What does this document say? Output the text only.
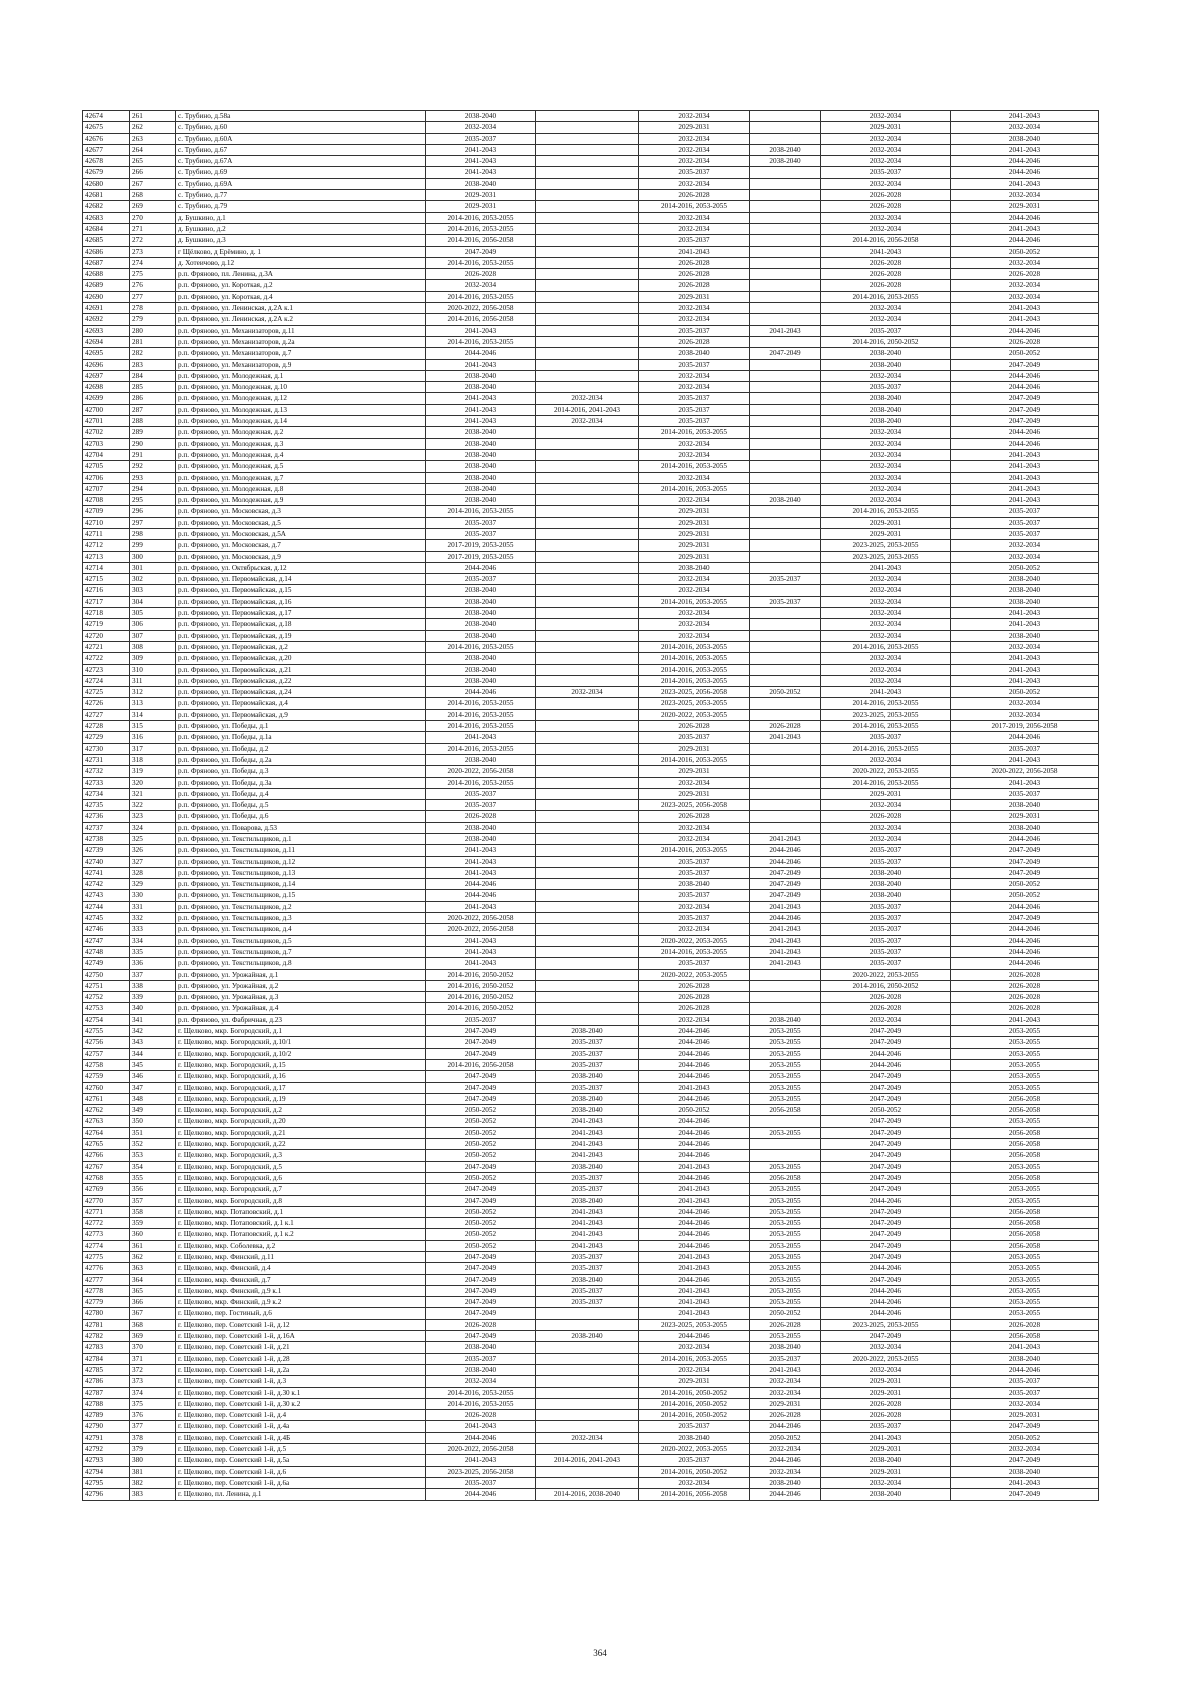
42674	261	с. Трубино, д.58а	2038-2040		2032-2034		2032-2034	2041-2043
42675	262	с. Трубино, д.60	2032-2034		2029-2031		2029-2031	2032-2034
42676	263	с. Трубино, д.60А	2035-2037		2032-2034		2032-2034	2038-2040
42677	264	с. Трубино, д.67	2041-2043		2032-2034	2038-2040	2032-2034	2041-2043
42678	265	с. Трубино, д.67А	2041-2043		2032-2034	2038-2040	2032-2034	2044-2046
42679	266	с. Трубино, д.69	2041-2043		2035-2037		2035-2037	2044-2046
42680	267	с. Трубино, д.69А	2038-2040		2032-2034		2032-2034	2041-2043
42681	268	с. Трубино, д.77	2029-2031		2026-2028		2026-2028	2032-2034
42682	269	с. Трубино, д.79	2029-2031		2014-2016, 2053-2055		2026-2028	2029-2031
42683	270	д. Бушкино, д.1	2014-2016, 2053-2055		2032-2034		2032-2034	2044-2046
42684	271	д. Бушкино, д.2	2014-2016, 2053-2055		2032-2034		2032-2034	2041-2043
42685	272	д. Бушкино, д.3	2014-2016, 2056-2058		2035-2037		2014-2016, 2056-2058	2044-2046
42686	273	г Щёлково, д Ерёмино, д. 1	2047-2049		2041-2043		2041-2043	2050-2052
42687	274	д. Хотеичово, д.12	2014-2016, 2053-2055		2026-2028		2026-2028	2032-2034
42688	275	р.п. Фряново, пл. Ленина, д.3А	2026-2028		2026-2028		2026-2028	2026-2028
42689	276	р.п. Фряново, ул. Короткая, д.2	2032-2034		2026-2028		2026-2028	2032-2034
42690	277	р.п. Фряново, ул. Короткая, д.4	2014-2016, 2053-2055		2029-2031		2014-2016, 2053-2055	2032-2034
42691	278	р.п. Фряново, ул. Ленинская, д.2А к.1	2020-2022, 2056-2058		2032-2034		2032-2034	2041-2043
42692	279	р.п. Фряново, ул. Ленинская, д.2А к.2	2014-2016, 2056-2058		2032-2034		2032-2034	2041-2043
42693	280	р.п. Фряново, ул. Механизаторов, д.11	2041-2043		2035-2037	2041-2043	2035-2037	2044-2046
42694	281	р.п. Фряново, ул. Механизаторов, д.2а	2014-2016, 2053-2055		2026-2028		2014-2016, 2050-2052	2026-2028
42695	282	р.п. Фряново, ул. Механизаторов, д.7	2044-2046		2038-2040	2047-2049	2038-2040	2050-2052
42696	283	р.п. Фряново, ул. Механизаторов, д.9	2041-2043		2035-2037		2038-2040	2047-2049
42697	284	р.п. Фряново, ул. Молодежная, д.1	2038-2040		2032-2034		2032-2034	2044-2046
42698	285	р.п. Фряново, ул. Молодежная, д.10	2038-2040		2032-2034		2035-2037	2044-2046
42699	286	р.п. Фряново, ул. Молодежная, д.12	2041-2043	2032-2034	2035-2037		2038-2040	2047-2049
42700	287	р.п. Фряново, ул. Молодежная, д.13	2041-2043	2014-2016, 2041-2043	2035-2037		2038-2040	2047-2049
42701	288	р.п. Фряново, ул. Молодежная, д.14	2041-2043	2032-2034	2035-2037		2038-2040	2047-2049
42702	289	р.п. Фряново, ул. Молодежная, д.2	2038-2040		2014-2016, 2053-2055		2032-2034	2044-2046
42703	290	р.п. Фряново, ул. Молодежная, д.3	2038-2040		2032-2034		2032-2034	2044-2046
42704	291	р.п. Фряново, ул. Молодежная, д.4	2038-2040		2032-2034		2032-2034	2041-2043
42705	292	р.п. Фряново, ул. Молодежная, д.5	2038-2040		2014-2016, 2053-2055		2032-2034	2041-2043
42706	293	р.п. Фряново, ул. Молодежная, д.7	2038-2040		2032-2034		2032-2034	2041-2043
42707	294	р.п. Фряново, ул. Молодежная, д.8	2038-2040		2014-2016, 2053-2055		2032-2034	2041-2043
42708	295	р.п. Фряново, ул. Молодежная, д.9	2038-2040		2032-2034	2038-2040	2032-2034	2041-2043
42709	296	р.п. Фряново, ул. Московская, д.3	2014-2016, 2053-2055		2029-2031		2014-2016, 2053-2055	2035-2037
42710	297	р.п. Фряново, ул. Московская, д.5	2035-2037		2029-2031		2029-2031	2035-2037
42711	298	р.п. Фряново, ул. Московская, д.5А	2035-2037		2029-2031		2029-2031	2035-2037
42712	299	р.п. Фряново, ул. Московская, д.7	2017-2019, 2053-2055		2029-2031		2023-2025, 2053-2055	2032-2034
42713	300	р.п. Фряново, ул. Московская, д.9	2017-2019, 2053-2055		2029-2031		2023-2025, 2053-2055	2032-2034
42714	301	р.п. Фряново, ул. Октябрьская, д.12	2044-2046		2038-2040		2041-2043	2050-2052
42715	302	р.п. Фряново, ул. Первомайская, д.14	2035-2037		2032-2034	2035-2037	2032-2034	2038-2040
42716	303	р.п. Фряново, ул. Первомайская, д.15	2038-2040		2032-2034		2032-2034	2038-2040
42717	304	р.п. Фряново, ул. Первомайская, д.16	2038-2040		2014-2016, 2053-2055	2035-2037	2032-2034	2038-2040
42718	305	р.п. Фряново, ул. Первомайская, д.17	2038-2040		2032-2034		2032-2034	2041-2043
42719	306	р.п. Фряново, ул. Первомайская, д.18	2038-2040		2032-2034		2032-2034	2041-2043
42720	307	р.п. Фряново, ул. Первомайская, д.19	2038-2040		2032-2034		2032-2034	2038-2040
42721	308	р.п. Фряново, ул. Первомайская, д.2	2014-2016, 2053-2055		2014-2016, 2053-2055		2014-2016, 2053-2055	2032-2034
42722	309	р.п. Фряново, ул. Первомайская, д.20	2038-2040		2014-2016, 2053-2055		2032-2034	2041-2043
42723	310	р.п. Фряново, ул. Первомайская, д.21	2038-2040		2014-2016, 2053-2055		2032-2034	2041-2043
42724	311	р.п. Фряново, ул. Первомайская, д.22	2038-2040		2014-2016, 2053-2055		2032-2034	2041-2043
42725	312	р.п. Фряново, ул. Первомайская, д.24	2044-2046	2032-2034	2023-2025, 2056-2058	2050-2052	2041-2043	2050-2052
42726	313	р.п. Фряново, ул. Первомайская, д.4	2014-2016, 2053-2055		2023-2025, 2053-2055		2014-2016, 2053-2055	2032-2034
42727	314	р.п. Фряново, ул. Первомайская, д.9	2014-2016, 2053-2055		2020-2022, 2053-2055		2023-2025, 2053-2055	2032-2034
42728	315	р.п. Фряново, ул. Победы, д.1	2014-2016, 2053-2055		2026-2028	2026-2028	2014-2016, 2053-2055	2017-2019, 2056-2058
42729	316	р.п. Фряново, ул. Победы, д.1а	2041-2043		2035-2037	2041-2043	2035-2037	2044-2046
42730	317	р.п. Фряново, ул. Победы, д.2	2014-2016, 2053-2055		2029-2031		2014-2016, 2053-2055	2035-2037
42731	318	р.п. Фряново, ул. Победы, д.2а	2038-2040		2014-2016, 2053-2055		2032-2034	2041-2043
42732	319	р.п. Фряново, ул. Победы, д.3	2020-2022, 2056-2058		2029-2031		2020-2022, 2053-2055	2020-2022, 2056-2058
42733	320	р.п. Фряново, ул. Победы, д.3а	2014-2016, 2053-2055		2032-2034		2014-2016, 2053-2055	2041-2043
42734	321	р.п. Фряново, ул. Победы, д.4	2035-2037		2029-2031		2029-2031	2035-2037
42735	322	р.п. Фряново, ул. Победы, д.5	2035-2037		2023-2025, 2056-2058		2032-2034	2038-2040
42736	323	р.п. Фряново, ул. Победы, д.6	2026-2028		2026-2028		2026-2028	2029-2031
42737	324	р.п. Фряново, ул. Поварова, д.53	2038-2040		2032-2034		2032-2034	2038-2040
42738	325	р.п. Фряново, ул. Текстильщиков, д.1	2038-2040		2032-2034	2041-2043	2032-2034	2044-2046
42739	326	р.п. Фряново, ул. Текстильщиков, д.11	2041-2043		2014-2016, 2053-2055	2044-2046	2035-2037	2047-2049
42740	327	р.п. Фряново, ул. Текстильщиков, д.12	2041-2043		2035-2037	2044-2046	2035-2037	2047-2049
42741	328	р.п. Фряново, ул. Текстильщиков, д.13	2041-2043		2035-2037	2047-2049	2038-2040	2047-2049
42742	329	р.п. Фряново, ул. Текстильщиков, д.14	2044-2046		2038-2040	2047-2049	2038-2040	2050-2052
42743	330	р.п. Фряново, ул. Текстильщиков, д.15	2044-2046		2035-2037	2047-2049	2038-2040	2050-2052
42744	331	р.п. Фряново, ул. Текстильщиков, д.2	2041-2043		2032-2034	2041-2043	2035-2037	2044-2046
42745	332	р.п. Фряново, ул. Текстильщиков, д.3	2020-2022, 2056-2058		2035-2037	2044-2046	2035-2037	2047-2049
42746	333	р.п. Фряново, ул. Текстильщиков, д.4	2020-2022, 2056-2058		2032-2034	2041-2043	2035-2037	2044-2046
42747	334	р.п. Фряново, ул. Текстильщиков, д.5	2041-2043		2020-2022, 2053-2055	2041-2043	2035-2037	2044-2046
42748	335	р.п. Фряново, ул. Текстильщиков, д.7	2041-2043		2014-2016, 2053-2055	2041-2043	2035-2037	2044-2046
42749	336	р.п. Фряново, ул. Текстильщиков, д.8	2041-2043		2035-2037	2041-2043	2035-2037	2044-2046
42750	337	р.п. Фряново, ул. Урожайная, д.1	2014-2016, 2050-2052		2020-2022, 2053-2055		2020-2022, 2053-2055	2026-2028
42751	338	р.п. Фряново, ул. Урожайная, д.2	2014-2016, 2050-2052		2026-2028		2014-2016, 2050-2052	2026-2028
42752	339	р.п. Фряново, ул. Урожайная, д.3	2014-2016, 2050-2052		2026-2028		2026-2028	2026-2028
42753	340	р.п. Фряново, ул. Урожайная, д.4	2014-2016, 2050-2052		2026-2028		2026-2028	2026-2028
42754	341	р.п. Фряново, ул. Фабричная, д.23	2035-2037		2032-2034	2038-2040	2032-2034	2041-2043
42755	342	г. Щелково, мкр. Богородский, д.1	2047-2049	2038-2040	2044-2046	2053-2055	2047-2049	2053-2055
42756	343	г. Щелково, мкр. Богородский, д.10/1	2047-2049	2035-2037	2044-2046	2053-2055	2047-2049	2053-2055
42757	344	г. Щелково, мкр. Богородский, д.10/2	2047-2049	2035-2037	2044-2046	2053-2055	2044-2046	2053-2055
42758	345	г. Щелково, мкр. Богородский, д.15	2014-2016, 2056-2058	2035-2037	2044-2046	2053-2055	2044-2046	2053-2055
42759	346	г. Щелково, мкр. Богородский, д.16	2047-2049	2038-2040	2044-2046	2053-2055	2047-2049	2053-2055
42760	347	г. Щелково, мкр. Богородский, д.17	2047-2049	2035-2037	2041-2043	2053-2055	2047-2049	2053-2055
42761	348	г. Щелково, мкр. Богородский, д.19	2047-2049	2038-2040	2044-2046	2053-2055	2047-2049	2056-2058
42762	349	г. Щелково, мкр. Богородский, д.2	2050-2052	2038-2040	2050-2052	2056-2058	2050-2052	2056-2058
42763	350	г. Щелково, мкр. Богородский, д.20	2050-2052	2041-2043	2044-2046		2047-2049	2053-2055
42764	351	г. Щелково, мкр. Богородский, д.21	2050-2052	2041-2043	2044-2046	2053-2055	2047-2049	2056-2058
42765	352	г. Щелково, мкр. Богородский, д.22	2050-2052	2041-2043	2044-2046		2047-2049	2056-2058
42766	353	г. Щелково, мкр. Богородский, д.3	2050-2052	2041-2043	2044-2046		2047-2049	2056-2058
42767	354	г. Щелково, мкр. Богородский, д.5	2047-2049	2038-2040	2041-2043	2053-2055	2047-2049	2053-2055
42768	355	г. Щелково, мкр. Богородский, д.6	2050-2052	2035-2037	2044-2046	2056-2058	2047-2049	2056-2058
42769	356	г. Щелково, мкр. Богородский, д.7	2047-2049	2035-2037	2041-2043	2053-2055	2047-2049	2053-2055
42770	357	г. Щелково, мкр. Богородский, д.8	2047-2049	2038-2040	2041-2043	2053-2055	2044-2046	2053-2055
42771	358	г. Щелково, мкр. Потаповский, д.1	2050-2052	2041-2043	2044-2046	2053-2055	2047-2049	2056-2058
42772	359	г. Щелково, мкр. Потаповский, д.1 к.1	2050-2052	2041-2043	2044-2046	2053-2055	2047-2049	2056-2058
42773	360	г. Щелково, мкр. Потаповский, д.1 к.2	2050-2052	2041-2043	2044-2046	2053-2055	2047-2049	2056-2058
42774	361	г. Щелково, мкр. Соболевка, д.2	2050-2052	2041-2043	2044-2046	2053-2055	2047-2049	2056-2058
42775	362	г. Щелково, мкр. Финский, д.11	2047-2049	2035-2037	2041-2043	2053-2055	2047-2049	2053-2055
42776	363	г. Щелково, мкр. Финский, д.4	2047-2049	2035-2037	2041-2043	2053-2055	2044-2046	2053-2055
42777	364	г. Щелково, мкр. Финский, д.7	2047-2049	2038-2040	2044-2046	2053-2055	2047-2049	2053-2055
42778	365	г. Щелково, мкр. Финский, д.9 к.1	2047-2049	2035-2037	2041-2043	2053-2055	2044-2046	2053-2055
42779	366	г. Щелково, мкр. Финский, д.9 к.2	2047-2049	2035-2037	2041-2043	2053-2055	2044-2046	2053-2055
42780	367	г. Щелково, пер. Гостиный, д.6	2047-2049		2041-2043	2050-2052	2044-2046	2053-2055
42781	368	г. Щелково, пер. Советский 1-й, д.12	2026-2028		2023-2025, 2053-2055	2026-2028	2023-2025, 2053-2055	2026-2028
42782	369	г. Щелково, пер. Советский 1-й, д.16А	2047-2049	2038-2040	2044-2046	2053-2055	2047-2049	2056-2058
42783	370	г. Щелково, пер. Советский 1-й, д.21	2038-2040		2032-2034	2038-2040	2032-2034	2041-2043
42784	371	г. Щелково, пер. Советский 1-й, д.28	2035-2037		2014-2016, 2053-2055	2035-2037	2020-2022, 2053-2055	2038-2040
42785	372	г. Щелково, пер. Советский 1-й, д.2а	2038-2040		2032-2034	2041-2043	2032-2034	2044-2046
42786	373	г. Щелково, пер. Советский 1-й, д.3	2032-2034		2029-2031	2032-2034	2029-2031	2035-2037
42787	374	г. Щелково, пер. Советский 1-й, д.30 к.1	2014-2016, 2053-2055		2014-2016, 2050-2052	2032-2034	2029-2031	2035-2037
42788	375	г. Щелково, пер. Советский 1-й, д.30 к.2	2014-2016, 2053-2055		2014-2016, 2050-2052	2029-2031	2026-2028	2032-2034
42789	376	г. Щелково, пер. Советский 1-й, д.4	2026-2028		2014-2016, 2050-2052	2026-2028	2026-2028	2029-2031
42790	377	г. Щелково, пер. Советский 1-й, д.4а	2041-2043		2035-2037	2044-2046	2035-2037	2047-2049
42791	378	г. Щелково, пер. Советский 1-й, д.4Б	2044-2046	2032-2034	2038-2040	2050-2052	2041-2043	2050-2052
42792	379	г. Щелково, пер. Советский 1-й, д.5	2020-2022, 2056-2058		2020-2022, 2053-2055	2032-2034	2029-2031	2032-2034
42793	380	г. Щелково, пер. Советский 1-й, д.5а	2041-2043	2014-2016, 2041-2043	2035-2037	2044-2046	2038-2040	2047-2049
42794	381	г. Щелково, пер. Советский 1-й, д.6	2023-2025, 2056-2058		2014-2016, 2050-2052	2032-2034	2029-2031	2038-2040
42795	382	г. Щелково, пер. Советский 1-й, д.6а	2035-2037		2032-2034	2038-2040	2032-2034	2041-2043
42796	383	г. Щелково, пл. Ленина, д.1	2044-2046	2014-2016, 2038-2040	2014-2016, 2056-2058	2044-2046	2038-2040	2047-2049
364
